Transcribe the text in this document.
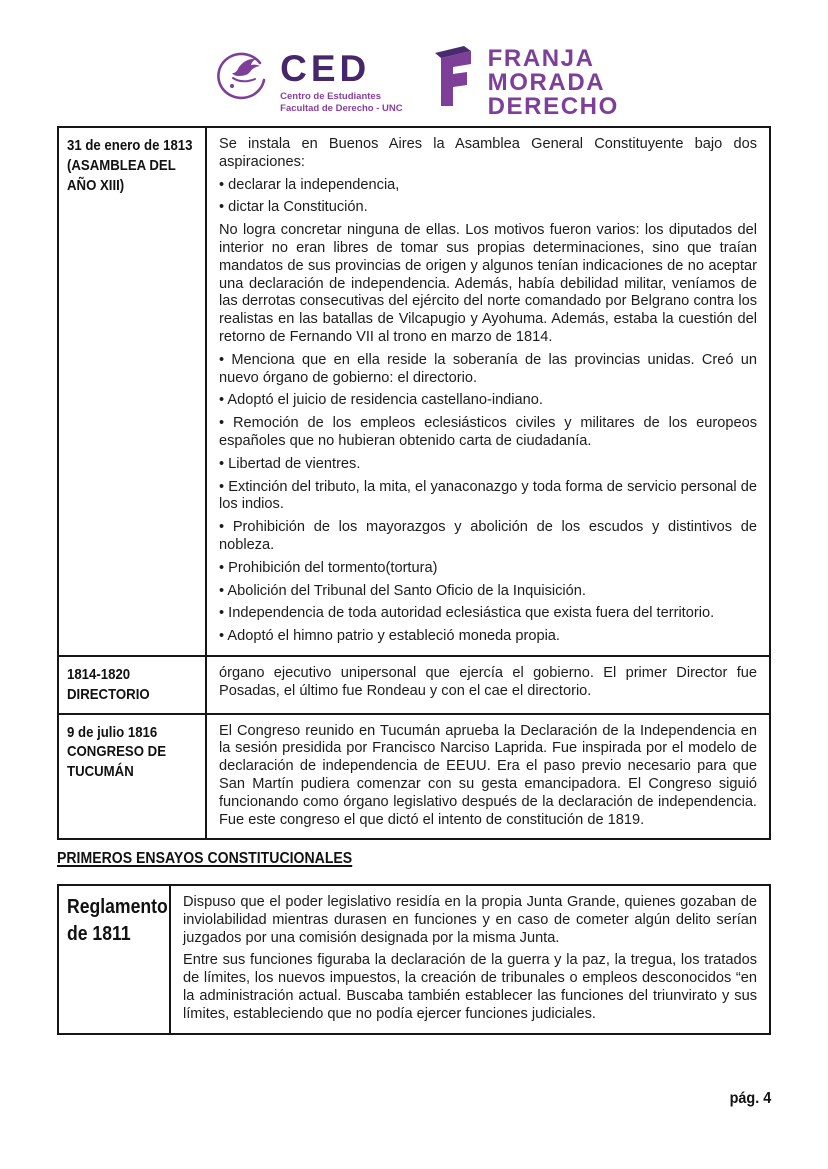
CED
Centro de Estudiantes
Facultad de Derecho - UNC
FRANJA
MORADA
DERECHO
31 de enero de 1813
(ASAMBLEA DEL AÑO XIII)

Se instala en Buenos Aires la Asamblea General Constituyente bajo dos aspiraciones:

• declarar la independencia,

• dictar la Constitución.

No logra concretar ninguna de ellas. Los motivos fueron varios: los diputados del interior no eran libres de tomar sus propias determinaciones, sino que traían mandatos de sus provincias de origen y algunos tenían indicaciones de no aceptar una declaración de independencia. Además, había debilidad militar, veníamos de las derrotas consecutivas del ejército del norte comandado por Belgrano contra los realistas en las batallas de Vilcapugio y Ayohuma. Además, estaba la cuestión del retorno de Fernando VII al trono en marzo de 1814.

• Menciona que en ella reside la soberanía de las provincias unidas. Creó un nuevo órgano de gobierno: el directorio.

• Adoptó el juicio de residencia castellano-indiano.

• Remoción de los empleos eclesiásticos civiles y militares de los europeos españoles que no hubieran obtenido carta de ciudadanía.

• Libertad de vientres.

• Extinción del tributo, la mita, el yanaconazgo y toda forma de servicio personal de los indios.

• Prohibición de los mayorazgos y abolición de los escudos y distintivos de nobleza.

• Prohibición del tormento(tortura)

• Abolición del Tribunal del Santo Oficio de la Inquisición.

• Independencia de toda autoridad eclesiástica que exista fuera del territorio.

• Adoptó el himno patrio y estableció moneda propia.

1814-1820
DIRECTORIO

órgano ejecutivo unipersonal que ejercía el gobierno. El primer Director fue Posadas, el último fue Rondeau y con el cae el directorio.

9 de julio 1816
CONGRESO DE TUCUMÁN

El Congreso reunido en Tucumán aprueba la Declaración de la Independencia en la sesión presidida por Francisco Narciso Laprida. Fue inspirada por el modelo de declaración de independencia de EEUU. Era el paso previo necesario para que San Martín pudiera comenzar con su gesta emancipadora. El Congreso siguió funcionando como órgano legislativo después de la declaración de independencia. Fue este congreso el que dictó el intento de constitución de 1819.

PRIMEROS ENSAYOS CONSTITUCIONALES
Reglamento
de 1811

Dispuso que el poder legislativo residía en la propia Junta Grande, quienes gozaban de inviolabilidad mientras durasen en funciones y en caso de cometer algún delito serían juzgados por una comisión designada por la misma Junta.

Entre sus funciones figuraba la declaración de la guerra y la paz, la tregua, los tratados de límites, los nuevos impuestos, la creación de tribunales o empleos desconocidos “en la administración actual. Buscaba también establecer las funciones del triunvirato y sus límites, estableciendo que no podía ejercer funciones judiciales.

pág. 4
